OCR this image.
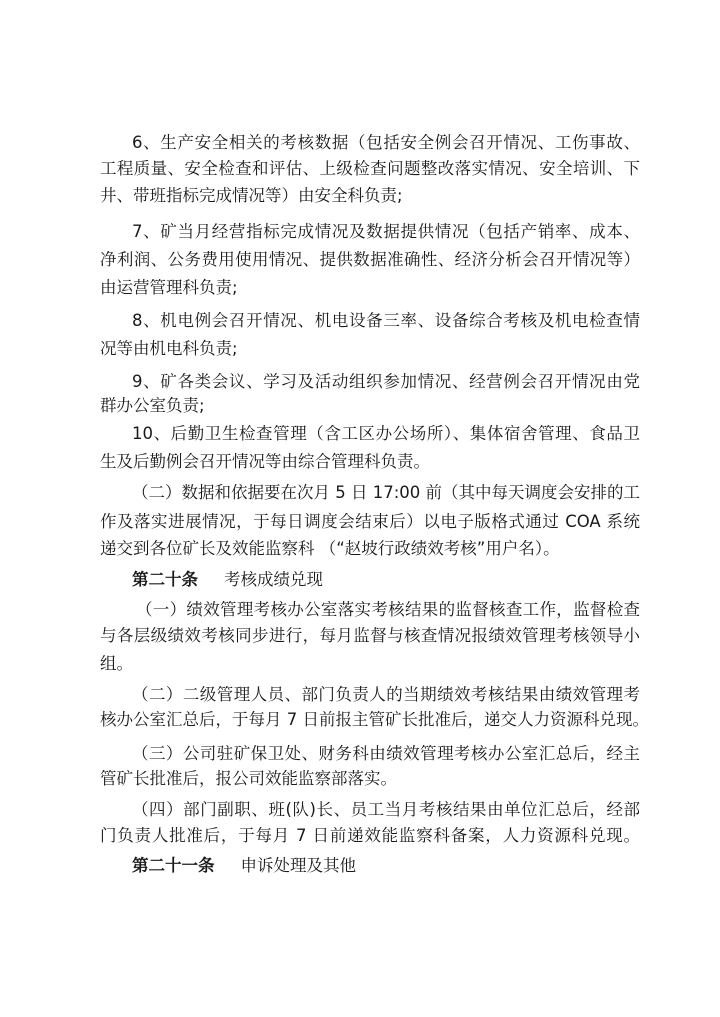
6、生产安全相关的考核数据（包括安全例会召开情况、工伤事故、
工程质量、安全检查和评估、上级检查问题整改落实情况、安全培训、下
井、带班指标完成情况等）由安全科负责;
7、矿当月经营指标完成情况及数据提供情况（包括产销率、成本、
净利润、公务费用使用情况、提供数据准确性、经济分析会召开情况等）
由运营管理科负责;
8、机电例会召开情况、机电设备三率、设备综合考核及机电检查情
况等由机电科负责;
9、矿各类会议、学习及活动组织参加情况、经营例会召开情况由党
群办公室负责;
10、后勤卫生检查管理（含工区办公场所）、集体宿舍管理、食品卫
生及后勤例会召开情况等由综合管理科负责。
（二）数据和依据要在次月 5 日 17:00 前（其中每天调度会安排的工
作及落实进展情况，于每日调度会结束后）以电子版格式通过 COA 系统
递交到各位矿长及效能监察科 （“赵坡行政绩效考核”用户名）。
第二十条 考核成绩兑现
（一）绩效管理考核办公室落实考核结果的监督核查工作，监督检查
与各层级绩效考核同步进行，每月监督与核查情况报绩效管理考核领导小
组。
（二）二级管理人员、部门负责人的当期绩效考核结果由绩效管理考
核办公室汇总后，于每月 7 日前报主管矿长批准后，递交人力资源科兑现。
（三）公司驻矿保卫处、财务科由绩效管理考核办公室汇总后，经主
管矿长批准后，报公司效能监察部落实。
（四）部门副职、班(队)长、员工当月考核结果由单位汇总后，经部
门负责人批准后，于每月 7 日前递效能监察科备案，人力资源科兑现。
第二十一条 申诉处理及其他
